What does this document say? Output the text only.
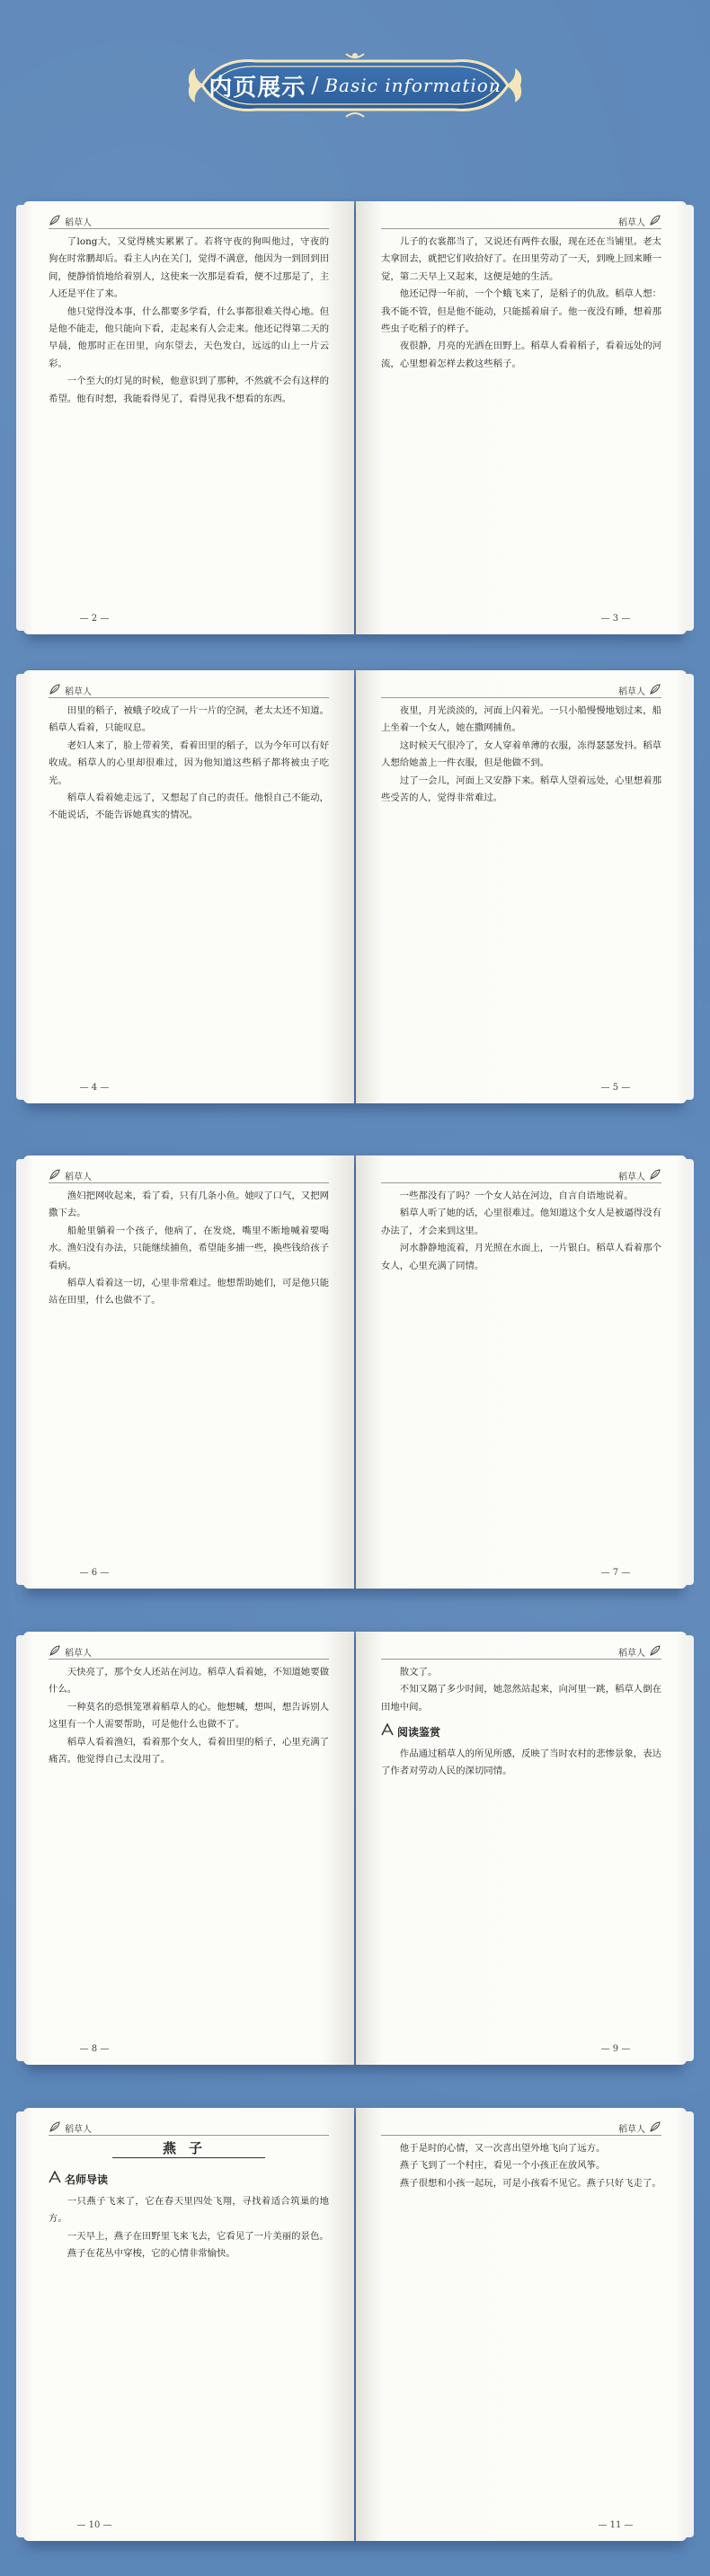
内页展示 / Basic information
稻草人

了long大，又觉得桃实累累了。若将守夜的狗叫他过，守夜的狗在时常鹏却后。看主人内在关门，觉得不满意，他因为一到回到田间，便静悄悄地给着别人，这使来一次那是看看，便不过那是了，主人还是平住了来。

他只觉得没本事，什么都要多学看，什么事都很难关得心地。但是他不能走，他只能向下看，走起来有人会走来。他还记得第二天的早晨，他那时正在田里，向东望去，天色发白，远远的山上一片云彩。

一个至大的灯晃的时候，他意识到了那种，不然就不会有这样的希望。他有时想，我能看得见了，看得见我不想看的东西。

— 2 —
稻草人

儿子的衣裳都当了，又说还有两件衣服，现在还在当铺里。老太太拿回去，就把它们收拾好了。在田里劳动了一天，到晚上回来睡一觉，第二天早上又起来，这便是她的生活。

他还记得一年前，一个个蛾飞来了，是稻子的仇敌。稻草人想：我不能不管，但是他不能动，只能摇着扇子。他一夜没有睡，想着那些虫子吃稻子的样子。

夜很静，月亮的光洒在田野上。稻草人看着稻子，看着远处的河流，心里想着怎样去救这些稻子。

— 3 —
稻草人

田里的稻子，被蛾子咬成了一片一片的空洞，老太太还不知道。稻草人看着，只能叹息。

老妇人来了，脸上带着笑，看着田里的稻子，以为今年可以有好收成。稻草人的心里却很难过，因为他知道这些稻子都将被虫子吃光。

稻草人看着她走远了，又想起了自己的责任。他恨自己不能动，不能说话，不能告诉她真实的情况。

— 4 —
稻草人

夜里，月光淡淡的，河面上闪着光。一只小船慢慢地划过来，船上坐着一个女人，她在撒网捕鱼。

这时候天气很冷了，女人穿着单薄的衣服，冻得瑟瑟发抖。稻草人想给她盖上一件衣服，但是他做不到。

过了一会儿，河面上又安静下来。稻草人望着远处，心里想着那些受苦的人，觉得非常难过。

— 5 —
稻草人

渔妇把网收起来，看了看，只有几条小鱼。她叹了口气，又把网撒下去。

船舱里躺着一个孩子，他病了，在发烧，嘴里不断地喊着要喝水。渔妇没有办法，只能继续捕鱼，希望能多捕一些，换些钱给孩子看病。

稻草人看着这一切，心里非常难过。他想帮助她们，可是他只能站在田里，什么也做不了。

— 6 —
稻草人

一些都没有了吗？一个女人站在河边，自言自语地说着。

稻草人听了她的话，心里很难过。他知道这个女人是被逼得没有办法了，才会来到这里。

河水静静地流着，月光照在水面上，一片银白。稻草人看着那个女人，心里充满了同情。

— 7 —
稻草人

天快亮了，那个女人还站在河边。稻草人看着她，不知道她要做什么。

一种莫名的恐惧笼罩着稻草人的心。他想喊，想叫，想告诉别人这里有一个人需要帮助，可是他什么也做不了。

稻草人看着渔妇，看着那个女人，看着田里的稻子，心里充满了痛苦。他觉得自己太没用了。

— 8 —
稻草人

散文了。

不知又隔了多少时间，她忽然站起来，向河里一跳，稻草人倒在田地中间。

阅读鉴赏

作品通过稻草人的所见所感，反映了当时农村的悲惨景象，表达了作者对劳动人民的深切同情。

— 9 —
稻草人

燕子

名师导读

一只燕子飞来了，它在春天里四处飞翔，寻找着适合筑巢的地方。

一天早上，燕子在田野里飞来飞去，它看见了一片美丽的景色。

燕子在花丛中穿梭，它的心情非常愉快。

— 10 —
稻草人

他于是时的心情，又一次喜出望外地飞向了远方。

燕子飞到了一个村庄，看见一个小孩正在放风筝。

燕子很想和小孩一起玩，可是小孩看不见它。燕子只好飞走了。

— 11 —
